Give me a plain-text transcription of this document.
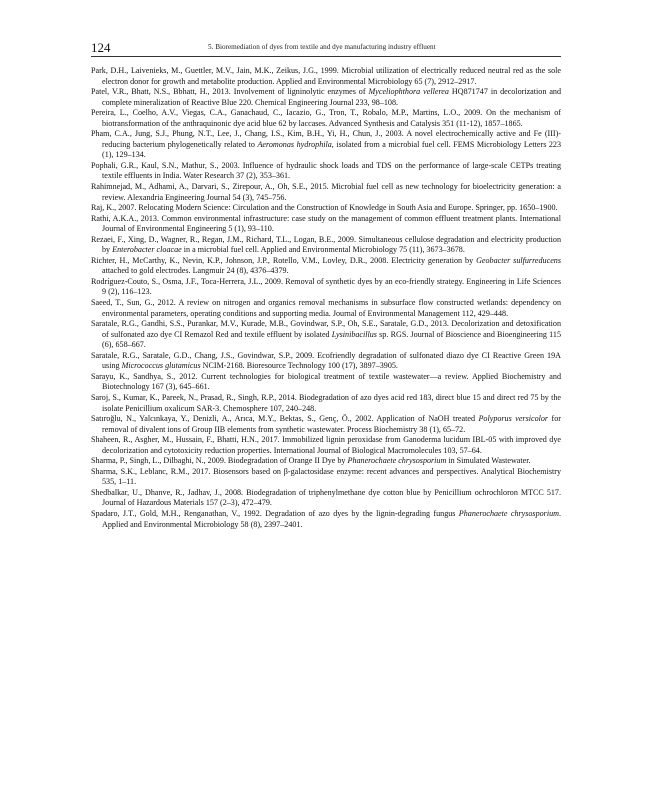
124	5. Bioremediation of dyes from textile and dye manufacturing industry effluent
Park, D.H., Laivenieks, M., Guettler, M.V., Jain, M.K., Zeikus, J.G., 1999. Microbial utilization of electrically reduced neutral red as the sole electron donor for growth and metabolite production. Applied and Environmental Microbiology 65 (7), 2912–2917.
Patel, V.R., Bhatt, N.S., Bbhatt, H., 2013. Involvement of ligninolytic enzymes of Myceliophthora vellerea HQ871747 in decolorization and complete mineralization of Reactive Blue 220. Chemical Engineering Journal 233, 98–108.
Pereira, L., Coelho, A.V., Viegas, C.A., Ganachaud, C., Iacazio, G., Tron, T., Robalo, M.P., Martins, L.O., 2009. On the mechanism of biotransformation of the anthraquinonic dye acid blue 62 by laccases. Advanced Synthesis and Catalysis 351 (11-12), 1857–1865.
Pham, C.A., Jung, S.J., Phung, N.T., Lee, J., Chang, I.S., Kim, B.H., Yi, H., Chun, J., 2003. A novel electrochemically active and Fe (III)-reducing bacterium phylogenetically related to Aeromonas hydrophila, isolated from a microbial fuel cell. FEMS Microbiology Letters 223 (1), 129–134.
Pophali, G.R., Kaul, S.N., Mathur, S., 2003. Influence of hydraulic shock loads and TDS on the performance of large-scale CETPs treating textile effluents in India. Water Research 37 (2), 353–361.
Rahimnejad, M., Adhami, A., Darvari, S., Zirepour, A., Oh, S.E., 2015. Microbial fuel cell as new technology for bioelectricity generation: a review. Alexandria Engineering Journal 54 (3), 745–756.
Raj, K., 2007. Relocating Modern Science: Circulation and the Construction of Knowledge in South Asia and Europe. Springer, pp. 1650–1900.
Rathi, A.K.A., 2013. Common environmental infrastructure: case study on the management of common effluent treatment plants. International Journal of Environmental Engineering 5 (1), 93–110.
Rezaei, F., Xing, D., Wagner, R., Regan, J.M., Richard, T.L., Logan, B.E., 2009. Simultaneous cellulose degradation and electricity production by Enterobacter cloacae in a microbial fuel cell. Applied and Environmental Microbiology 75 (11), 3673–3678.
Richter, H., McCarthy, K., Nevin, K.P., Johnson, J.P., Rotello, V.M., Lovley, D.R., 2008. Electricity generation by Geobacter sulfurreducens attached to gold electrodes. Langmuir 24 (8), 4376–4379.
Rodríguez-Couto, S., Osma, J.F., Toca-Herrera, J.L., 2009. Removal of synthetic dyes by an eco-friendly strategy. Engineering in Life Sciences 9 (2), 116–123.
Saeed, T., Sun, G., 2012. A review on nitrogen and organics removal mechanisms in subsurface flow constructed wetlands: dependency on environmental parameters, operating conditions and supporting media. Journal of Environmental Management 112, 429–448.
Saratale, R.G., Gandhi, S.S., Purankar, M.V., Kurade, M.B., Govindwar, S.P., Oh, S.E., Saratale, G.D., 2013. Decolorization and detoxification of sulfonated azo dye CI Remazol Red and textile effluent by isolated Lysinibacillus sp. RGS. Journal of Bioscience and Bioengineering 115 (6), 658–667.
Saratale, R.G., Saratale, G.D., Chang, J.S., Govindwar, S.P., 2009. Ecofriendly degradation of sulfonated diazo dye CI Reactive Green 19A using Micrococcus glutamicus NCIM-2168. Bioresource Technology 100 (17), 3897–3905.
Sarayu, K., Sandhya, S., 2012. Current technologies for biological treatment of textile wastewater—a review. Applied Biochemistry and Biotechnology 167 (3), 645–661.
Saroj, S., Kumar, K., Pareek, N., Prasad, R., Singh, R.P., 2014. Biodegradation of azo dyes acid red 183, direct blue 15 and direct red 75 by the isolate Penicillium oxalicum SAR-3. Chemosphere 107, 240–248.
Satıroğlu, N., Yalcınkaya, Y., Denizli, A., Arıca, M.Y., Bektas, S., Genç, Ö., 2002. Application of NaOH treated Polyporus versicolor for removal of divalent ions of Group IIB elements from synthetic wastewater. Process Biochemistry 38 (1), 65–72.
Shaheen, R., Asgher, M., Hussain, F., Bhatti, H.N., 2017. Immobilized lignin peroxidase from Ganoderma lucidum IBL-05 with improved dye decolorization and cytotoxicity reduction properties. International Journal of Biological Macromolecules 103, 57–64.
Sharma, P., Singh, L., Dilbaghi, N., 2009. Biodegradation of Orange II Dye by Phanerochaete chrysosporium in Simulated Wastewater.
Sharma, S.K., Leblanc, R.M., 2017. Biosensors based on β-galactosidase enzyme: recent advances and perspectives. Analytical Biochemistry 535, 1–11.
Shedbalkar, U., Dhanve, R., Jadhav, J., 2008. Biodegradation of triphenylmethane dye cotton blue by Penicillium ochrochloron MTCC 517. Journal of Hazardous Materials 157 (2–3), 472–479.
Spadaro, J.T., Gold, M.H., Renganathan, V., 1992. Degradation of azo dyes by the lignin-degrading fungus Phanerochaete chrysosporium. Applied and Environmental Microbiology 58 (8), 2397–2401.
